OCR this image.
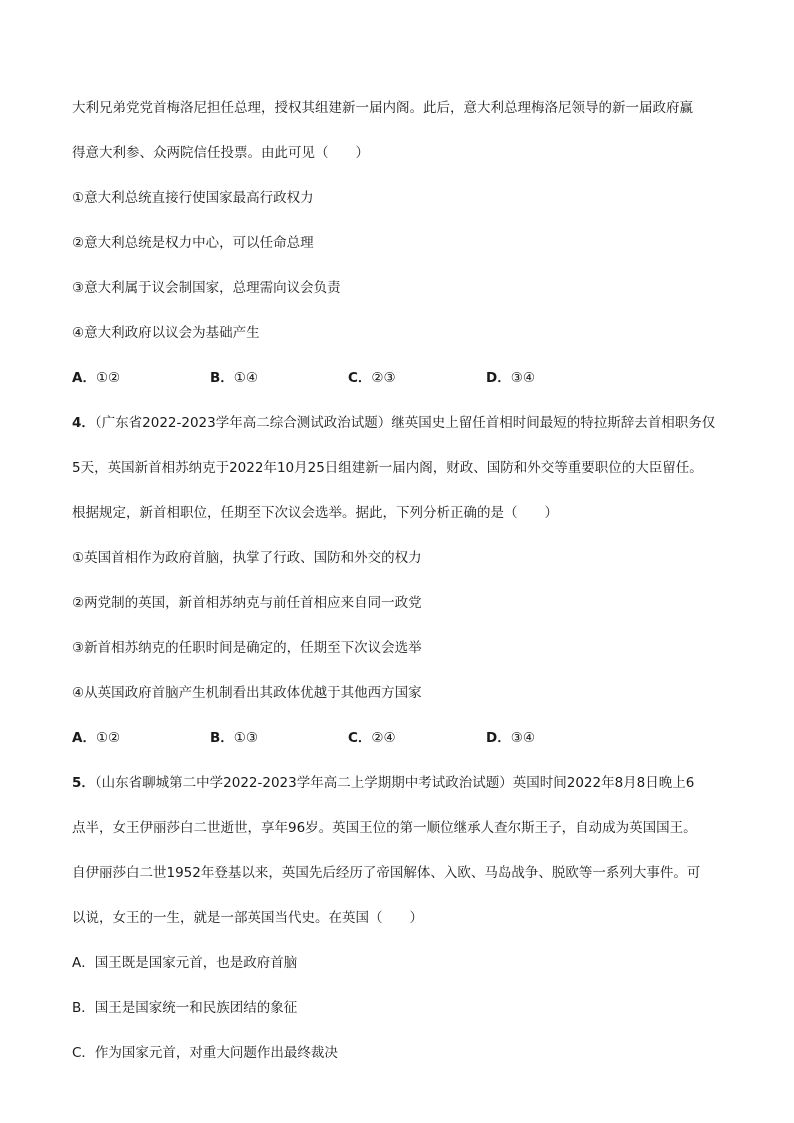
大利兄弟党党首梅洛尼担任总理，授权其组建新一届内阁。此后，意大利总理梅洛尼领导的新一届政府赢

得意大利参、众两院信任投票。由此可见（　　）

①意大利总统直接行使国家最高行政权力

②意大利总统是权力中心，可以任命总理

③意大利属于议会制国家，总理需向议会负责

④意大利政府以议会为基础产生

A．①②	B．①④	C．②③	D．③④

4．（广东省2022-2023学年高二综合测试政治试题）继英国史上留任首相时间最短的特拉斯辞去首相职务仅

5天，英国新首相苏纳克于2022年10月25日组建新一届内阁，财政、国防和外交等重要职位的大臣留任。

根据规定，新首相职位，任期至下次议会选举。据此，下列分析正确的是（　　）

①英国首相作为政府首脑，执掌了行政、国防和外交的权力

②两党制的英国，新首相苏纳克与前任首相应来自同一政党

③新首相苏纳克的任职时间是确定的，任期至下次议会选举

④从英国政府首脑产生机制看出其政体优越于其他西方国家

A．①②	B．①③	C．②④	D．③④

5．（山东省聊城第二中学2022-2023学年高二上学期期中考试政治试题）英国时间2022年8月8日晚上6

点半，女王伊丽莎白二世逝世，享年96岁。英国王位的第一顺位继承人查尔斯王子，自动成为英国国王。

自伊丽莎白二世1952年登基以来，英国先后经历了帝国解体、入欧、马岛战争、脱欧等一系列大事件。可

以说，女王的一生，就是一部英国当代史。在英国（　　）

A．国王既是国家元首，也是政府首脑

B．国王是国家统一和民族团结的象征

C．作为国家元首，对重大问题作出最终裁决
